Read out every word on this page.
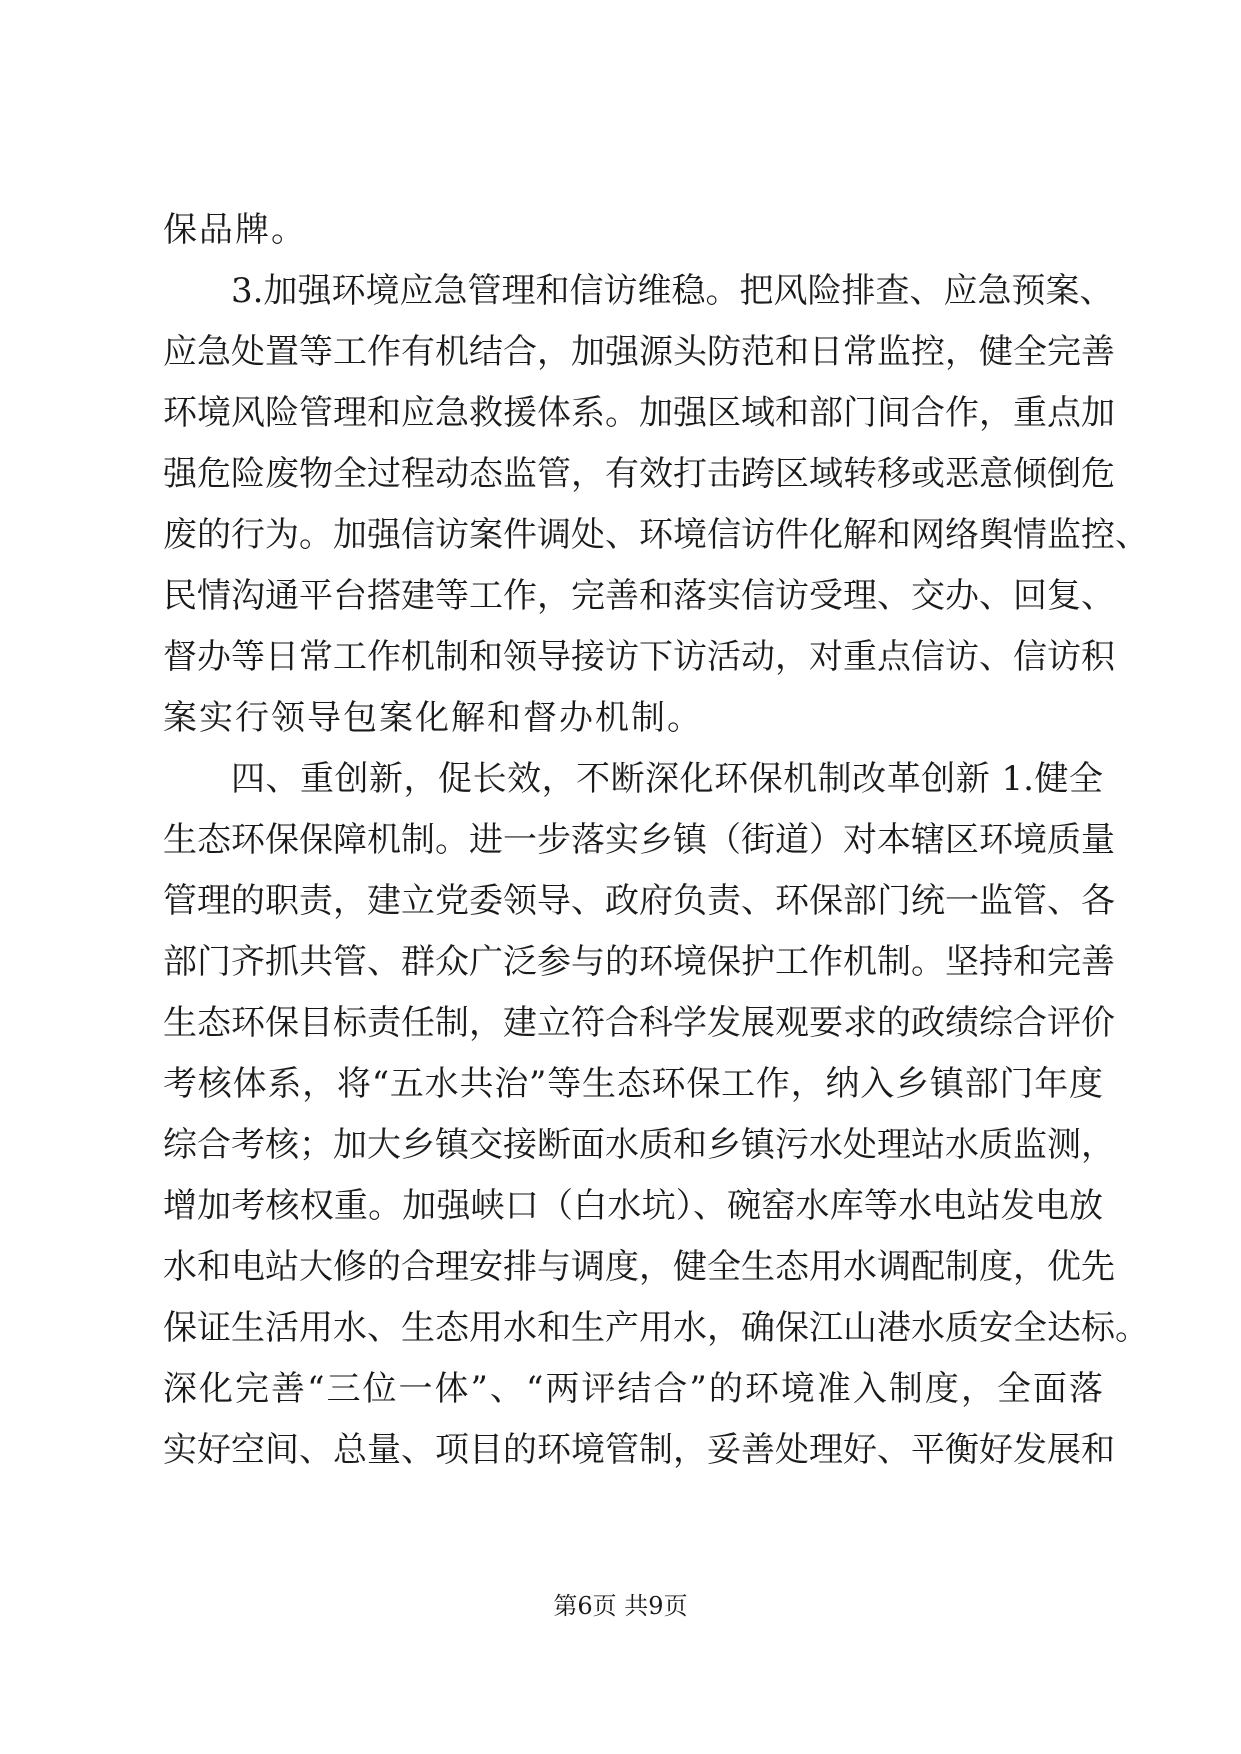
保品牌。
3.加强环境应急管理和信访维稳。把风险排查、应急预案、
应急处置等工作有机结合，加强源头防范和日常监控，健全完善
环境风险管理和应急救援体系。加强区域和部门间合作，重点加
强危险废物全过程动态监管，有效打击跨区域转移或恶意倾倒危
废的行为。加强信访案件调处、环境信访件化解和网络舆情监控、
民情沟通平台搭建等工作，完善和落实信访受理、交办、回复、
督办等日常工作机制和领导接访下访活动，对重点信访、信访积
案实行领导包案化解和督办机制。
四、重创新，促长效，不断深化环保机制改革创新 1.健全
生态环保保障机制。进一步落实乡镇（街道）对本辖区环境质量
管理的职责，建立党委领导、政府负责、环保部门统一监管、各
部门齐抓共管、群众广泛参与的环境保护工作机制。坚持和完善
生态环保目标责任制，建立符合科学发展观要求的政绩综合评价
考核体系，将“五水共治”等生态环保工作，纳入乡镇部门年度
综合考核；加大乡镇交接断面水质和乡镇污水处理站水质监测，
增加考核权重。加强峡口（白水坑）、碗窑水库等水电站发电放
水和电站大修的合理安排与调度，健全生态用水调配制度，优先
保证生活用水、生态用水和生产用水，确保江山港水质安全达标。
深化完善“三位一体”、“两评结合”的环境准入制度，全面落
实好空间、总量、项目的环境管制，妥善处理好、平衡好发展和
第6页 共9页
